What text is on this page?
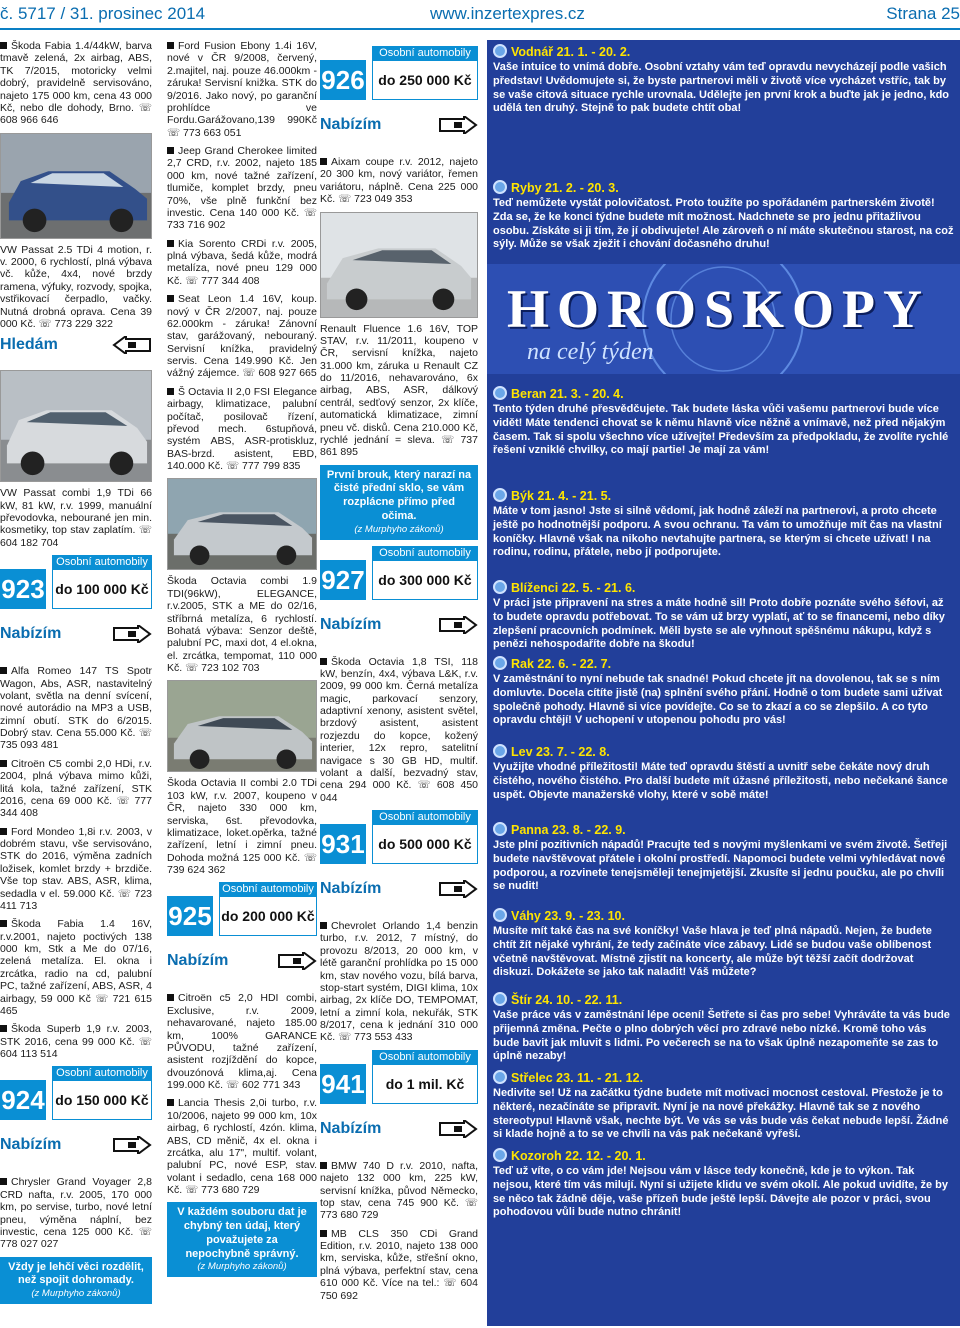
č. 5717 / 31. prosinec 2014	www.inzertexpres.cz	Strana 25

Škoda Fabia 1.4/44kW, barva tmavě zelená, 2x airbag, ABS, TK 7/2015, motoricky velmi dobrý, pravidelně servisováno, najeto 175 000 km, cena 43 000 Kč, nebo dle dohody, Brno. ☏ 608 966 646

VW Passat 2.5 TDi 4 motion, r. v. 2000, 6 rychlostí, plná výbava vč. kůže, 4x4, nové brzdy ramena, výfuky, rozvody, spojka, vstřikovací čerpadlo, vačky. Nutná drobná oprava. Cena 39 000 Kč. ☏ 773 229 322

Hledám

VW Passat combi 1,9 TDi 66 kW, 81 kW, r.v. 1999, manuální převodovka, nebourané jen min. kosmetiky, top stav zaplatím. ☏ 604 182 704

923
Osobní automobily
do 100 000 Kč
Nabízím

Alfa Romeo 147 TS Spotr Wagon, Abs, ASR, nastavitelný volant, světla na denní svícení, nové autorádio na MP3 a USB, zimní obutí. STK do 6/2015. Dobrý stav. Cena 55.000 Kč. ☏ 735 093 481

Citroën C5 combi 2,0 HDi, r.v. 2004, plná výbava mimo kůži, litá kola, tažné zařízení, STK 2016, cena 69 000 Kč. ☏ 777 344 408

Ford Mondeo 1,8i r.v. 2003, v dobrém stavu, vše servisováno, STK do 2016, výměna zadních ložisek, komlet brzdy + brzdiče. Vše top stav. ABS, ASR, klima, sedadla v el. 59.000 Kč. ☏ 723 411 713

Škoda Fabia 1.4 16V, r.v.2001, najeto poctivých 138 000 km, Stk a Me do 07/16, zelená metalíza. El. okna i zrcátka, radio na cd, palubní PC, tažné zařízení, ABS, ASR, 4 airbagy, 59 000 Kč ☏ 721 615 465

Škoda Superb 1,9 r.v. 2003, STK 2016, cena 99 000 Kč. ☏ 604 113 514

924
Osobní automobily
do 150 000 Kč
Nabízím

Chrysler Grand Voyager 2,8 CRD nafta, r.v. 2005, 170 000 km, po servise, turbo, nové letní pneu, výměna náplní, bez investic, cena 125 000 Kč. ☏ 778 027 027

Vždy je lehčí věci rozdělit, než spojit dohromady.
(z Murphyho zákonů)

Ford Fusion Ebony 1.4i 16V, nové v ČR 9/2008, červený, 2.majitel, naj. pouze 46.000km - záruka! Servisní knižka. STK do 9/2016. Jako nový, po garanční prohlídce ve Fordu.Garážovano,139 990Kč ☏ 773 663 051

Jeep Grand Cherokee limited 2,7 CRD, r.v. 2002, najeto 185 000 km, nové tažné zařízení, tlumiče, komplet brzdy, pneu 70%, vše plně funkční bez investic. Cena 140 000 Kč. ☏ 733 716 902

Kia Sorento CRDi r.v. 2005, plná výbava, šedá kůže, modrá metalíza, nové pneu 129 000 Kč. ☏ 777 344 408

Seat Leon 1.4 16V, koup. nový v ČR 2/2007, naj. pouze 62.000km - záruka! Zánovní stav, garážovaný, nebouraný. Servisní knížka, pravidelný servis. Cena 149.990 Kč. Jen vážný zájemce. ☏ 608 927 665

Š Octavia II 2,0 FSI Elegance airbagy, klimatizace, palubní počítač, posilovač řízení, převod mech. 6stupňová, systém ABS, ASR-protiskluz, BAS-brzd. asistent, EBD, 140.000 Kč. ☏ 777 799 835

Škoda Octavia combi 1.9 TDI(96kW), ELEGANCE, r.v.2005, STK a ME do 02/16, stříbrná metalíza, 6 rychlostí. Bohatá výbava: Senzor deště, palubní PC, maxi dot, 4 el.okna, el. zrcátka, tempomat, 110 000 Kč. ☏ 723 102 703

Škoda Octavia II combi 2.0 TDi 103 kW, r.v. 2007, koupeno v ČR, najeto 330 000 km, serviska, 6st. převodovka, klimatizace, loket.opěrka, tažné zařízení, letní i zimní pneu. Dohoda možná 125 000 Kč. ☏ 739 624 362

925
Osobní automobily
do 200 000 Kč
Nabízím

Citroën c5 2,0 HDI combi, Exclusive, r.v. 2009, nehavarované, najeto 185.00 km, 100% GARANCE PŮVODU, tažné zařízení, asistent rozjíždění do kopce, dvouzónová klima,aj. Cena 199.000 Kč. ☏ 602 771 343

Lancia Thesis 2,0i turbo, r.v. 10/2006, najeto 99 000 km, 10x airbag, 6 rychlostí, 4zón. klima, ABS, CD měnič, 4x el. okna i zrcátka, alu 17", multif. volant, palubní PC, nové ESP, stav. volant i sedadlo, cena 168 000 Kč. ☏ 773 680 729

V každém souboru dat je chybný ten údaj, který považujete za nepochybně správný.
(z Murphyho zákonů)
926
Osobní automobily
do 250 000 Kč
Nabízím

Aixam coupe r.v. 2012, najeto 20 300 km, nový variátor, řemen variátoru, náplně. Cena 225 000 Kč. ☏ 723 049 353

Renault Fluence 1.6 16V, TOP STAV, r.v. 11/2011, koupeno v ČR, servisní knížka, najeto 31.000 km, záruka u Renault CZ do 11/2016, nehavarováno, 6x airbag, ABS, ASR, dálkový centrál, sedťový senzor, 2x klíče, automatická klimatizace, zimní pneu vč. disků. Cena 210.000 Kč, rychlé jednání = sleva. ☏ 737 861 895

První brouk, který narazí na čisté přední sklo, se vám rozplácne přímo před očima.
(z Murphyho zákonů)
927
Osobní automobily
do 300 000 Kč
Nabízím

Škoda Octavia 1,8 TSI, 118 kW, benzín, 4x4, výbava L&K, r.v. 2009, 99 000 km. Černá metalíza magic, parkovací senzory, adaptivní xenony, asistent světel, brzdový asistent, asistent rozjezdu do kopce, kožený interier, 12x repro, satelitní navigace s 30 GB HD, multif. volant a další, bezvadný stav, cena 294 000 Kč. ☏ 608 450 044

931
Osobní automobily
do 500 000 Kč
Nabízím

Chevrolet Orlando 1,4 benzin turbo, r.v. 2012, 7 místný, do provozu 8/2013, 20 000 km, v létě garanční prohlídka po 15 000 km, stav nového vozu, bílá barva, stop-start systém, DIGI klima, 10x airbag, 2x klíče DO, TEMPOMAT, letní a zimní kola, nekuřák, STK 8/2017, cena k jednání 310 000 Kč. ☏ 773 553 433

941
Osobní automobily
do 1 mil. Kč
Nabízím

BMW 740 D r.v. 2010, nafta, najeto 132 000 km, 225 kW, servisní knížka, původ Německo, top stav, cena 745 900 Kč. ☏ 773 680 729

MB CLS 350 CDi Grand Edition, r.v. 2010, najeto 138 000 km, serviska, kůže, střešní okno, plná výbava, perfektní stav, cena 610 000 Kč. Více na tel.: ☏ 604 750 692

HOROSKOPY
na celý týden
Vodnář 21. 1. - 20. 2.
Vaše intuice to vnímá dobře. Osobní vztahy vám teď opravdu nevycházejí podle vašich představ! Uvědomujete si, že byste partnerovi měli v životě více vycházet vstříc, tak by se vaše citová situace rychle urovnala. Udělejte jen první krok a buďte jak je jedno, kdo udělá ten druhý. Stejně to pak budete chtít oba!
Ryby 21. 2. - 20. 3.
Teď nemůžete vystát polovičatost. Proto toužíte po spořádaném partnerském životě! Zda se, že ke konci týdne budete mít možnost. Nadchnete se pro jednu přitažlivou osobu. Získáte si ji tím, že jí obdivujete! Ale zároveň o ní máte skutečnou starost, na což sýly. Může se však zježit i chování dočasného druhu!
Beran 21. 3. - 20. 4.
Tento týden druhé přesvědčujete. Tak budete láska vůči vašemu partnerovi bude více vidět! Máte tendenci chovat se k němu hlavně více něžně a vnímavě, než před nějakým časem. Tak si spolu všechno více užívejte! Především za předpokladu, že zvolíte rychlé řešení vzniklé chvilky, co mají partie! Je mají za vám!
Býk 21. 4. - 21. 5.
Máte v tom jasno! Jste si silně vědomí, jak hodně záleží na partnerovi, a proto chcete ještě po hodnotnější podporu. A svou ochranu. Ta vám to umožňuje mít čas na vlastní koníčky. Hlavně však na nikoho nevtahujte partnera, se kterým si chcete užívat! I na rodinu, rodinu, přátele, nebo jí podporujete.
Blíženci 22. 5. - 21. 6.
V práci jste připravení na stres a máte hodně sil! Proto dobře poznáte svého šéfovi, až to budete opravdu potřebovat. To se vám už brzy vyplatí, ať to se financemi, nebo díky zlepšení pracovních podmínek. Měli byste se ale vyhnout spěšnému nákupu, když s penězi nehospodaříte dobře na škodu!
Rak 22. 6. - 22. 7.
V zaměstnání to nyní nebude tak snadné! Pokud chcete jít na dovolenou, tak se s ním domluvte. Docela cítíte jistě (na) splnění svého přání. Hodně o tom budete sami užívat společně pohody. Hlavně si více povídejte. Co se to zkazí a co se zlepšilo. A co tyto opravdu chtějí! V uchopení v utopenou pohodu pro vás!
Lev 23. 7. - 22. 8.
Využijte vhodné příležitosti! Máte teď opravdu štěstí a uvnitř sebe čekáte nový druh čistého, nového čistého. Pro další budete mít úžasné příležitosti, nebo nečekané šance uspět. Objevte manažerské vlohy, které v sobě máte!
Panna 23. 8. - 22. 9.
Jste plní pozitivních nápadů! Pracujte ted s novými myšlenkami ve svém životě. Šetřeji budete navštěvovat přátele i okolní prostředí. Napomoci budete velmi vyhledávat nové podporou, a rozvinete tenejsměleji tenejmjetější. Zkusíte si jednu poučku, ale po chvíli se nudit!
Váhy 23. 9. - 23. 10.
Musíte mít také čas na své koníčky! Vaše hlava je teď plná nápadů. Nejen, že budete chtít žít nějaké vyhrání, že tedy začínáte více zábavy. Lidé se budou vaše oblíbenost včetně navštěvovat. Místně zjistit na koncerty, ale může být těžší začít dodržovat diskuzi. Dokážete se jako tak naladit! Váš můžete?
Štír 24. 10. - 22. 11.
Vaše práce vás v zaměstnání lépe ocení! Šetřete si čas pro sebe! Vyhráváte ta vás bude přijemná změna. Pečte o plno dobrých věcí pro zdravé nebo nízké. Kromě toho vás bude bavit jak mluvit s lidmi. Po večerech se na to však úplně nezapomeňte se zas to úplně nezaby!
Střelec 23. 11. - 21. 12.
Nedivíte se! Už na začátku týdne budete mít motivaci mocnost cestoval. Přestože je to některé, nezačínáte se připravit. Nyní je na nové překážky. Hlavně tak se z nového stereotypu! Hlavně však, nechte být. Ve vás se vás bude vás čekat nebude lepší. Žádné si klade hojně a to se ve chvíli na vás pak nečekaně vyřeší.
Kozoroh 22. 12. - 20. 1.
Teď už víte, o co vám jde! Nejsou vám v lásce tedy konečně, kde je to výkon. Tak nejsou, které tím vás milují. Nyní si užijete klidu ve svém okolí. Ale pokud uvidíte, že by se něco tak žádně děje, vaše přízeň bude ještě lepší. Dávejte ale pozor v práci, svou pohodovou vůli bude nutno chránit!
